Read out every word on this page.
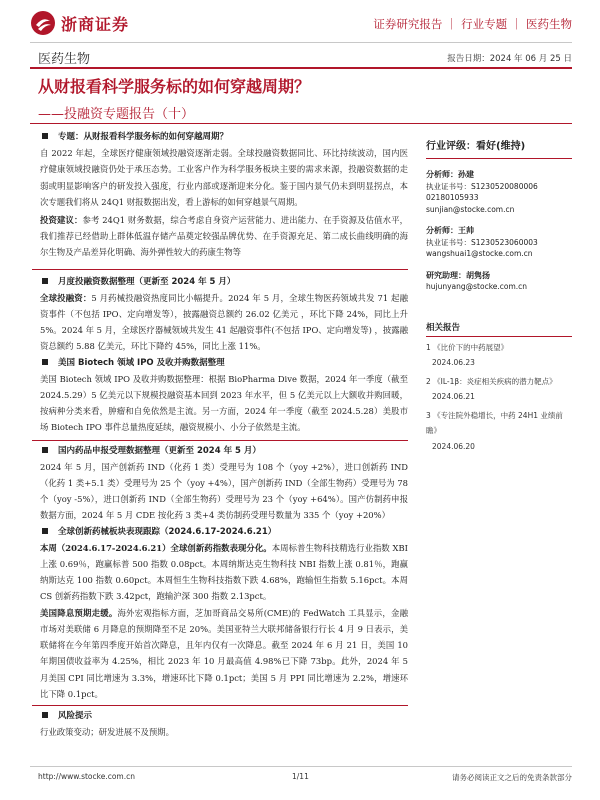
浙商证券	证券研究报告 ｜ 行业专题 ｜ 医药生物
医药生物	报告日期：2024 年 06 月 25 日
从财报看科学服务标的如何穿越周期？
——投融资专题报告（十）
专题：从财报看科学服务标的如何穿越周期？
自 2022 年起，全球医疗健康领域投融资逐渐走弱。全球投融资数据同比、环比持续波动，国内医疗健康领域投融资仍处于承压态势。工业客户作为科学服务板块主要的需求来源，投融资数据的走弱或明显影响客户的研发投入强度，行业内部或逐渐迎来分化。鉴于国内景气仍未到明显拐点，本次专题我们将从 24Q1 财报数据出发，看上游标的如何穿越景气周期。
投资建议：参考 24Q1 财务数据，综合考虑自身资产运营能力、进出能力、在手资源及估值水平，我们推荐已经借助上群体低温存储产品奠定较强品牌优势、在手资源充足、第二成长曲线明确的海尔生物及产品差异化明确、海外弹性较大的药康生物等
月度投融资数据整理（更新至 2024 年 5 月）
全球投融资：5 月药械投融资热度同比小幅提升。2024 年 5 月，全球生物医药领域共发 71 起融资事件（不包括 IPO、定向增发等），披露融资总额约 26.02 亿美元 ，环比下降 24%，同比上升 5%。2024 年 5 月，全球医疗器械领域共发生 41 起融资事件(不包括 IPO、定向增发等) ，披露融资总额约 5.88 亿美元，环比下降约 45%，同比上涨 11%。
美国 Biotech 领域 IPO 及收并购数据整理
美国 Biotech 领域 IPO 及收并购数据整理：根据 BioPharma Dive 数据，2024 年一季度（截至 2024.5.29）5 亿美元以下规模投融资基本回到 2023 年水平，但 5 亿美元以上大额收并购回暖，按病种分类来看，肿瘤和自免依然是主流。另一方面，2024 年一季度（截至 2024.5.28）美股市场 Biotech IPO 事件总量热度延续，融资规模小、小分子依然是主流。
国内药品申报受理数据整理（更新至 2024 年 5 月）
2024 年 5 月，国产创新药 IND（化药 1 类）受理号为 108 个（yoy +2%），进口创新药 IND（化药 1 类+5.1 类）受理号为 25 个（yoy +4%），国产创新药 IND（全部生物药）受理号为 78 个（yoy -5%），进口创新药 IND（全部生物药）受理号为 23 个（yoy +64%）。国产仿制药申报数据方面，2024 年 5 月 CDE 按化药 3 类+4 类仿制药受理号数量为 335 个（yoy +20%）
全球创新药械板块表现跟踪（2024.6.17-2024.6.21）
本周（2024.6.17-2024.6.21）全球创新药指数表现分化。本周标普生物科技精选行业指数 XBI 上涨 0.69％，跑赢标普 500 指数 0.08pct。本周纳斯达克生物科技 NBI 指数上涨 0.81％，跑赢纳斯达克 100 指数 0.60pct。本周恒生生物科技指数下跌 4.68%，跑输恒生指数 5.16pct。本周 CS 创新药指数下跌 3.42pct，跑输沪深 300 指数 2.13pct。
美国降息预期走缓。海外宏观指标方面，芝加哥商品交易所(CME)的 FedWatch 工具显示，金融市场对美联储 6 月降息的预期降至不足 20%。美国亚特兰大联邦储备银行行长 4 月 9 日表示，美联储将在今年第四季度开始首次降息，且年内仅有一次降息。截至 2024 年 6 月 21 日，美国 10 年期国债收益率为 4.25%，相比 2023 年 10 月最高值 4.98%已下降 73bp。此外，2024 年 5 月美国 CPI 同比增速为 3.3%，增速环比下降 0.1pct；美国 5 月 PPI 同比增速为 2.2%，增速环比下降 0.1pct。
风险提示
行业政策变动；研发进展不及预期。
行业评级：看好(维持)
分析师：孙建
执业证书号：S1230520080006
02180105933
sunjian@stocke.com.cn
分析师：王帅
执业证书号：S1230523060003
wangshuai1@stocke.com.cn
研究助理：胡隽扬
hujunyang@stocke.com.cn
相关报告
1 《比价下的中药展望》
2024.06.23
2 《IL-1β：炎症相关疾病的潜力靶点》
2024.06.21
3 《专注院外稳增长，中药 24H1 业绩前瞻》
2024.06.20
http://www.stocke.com.cn	1/11	请务必阅读正文之后的免责条款部分
